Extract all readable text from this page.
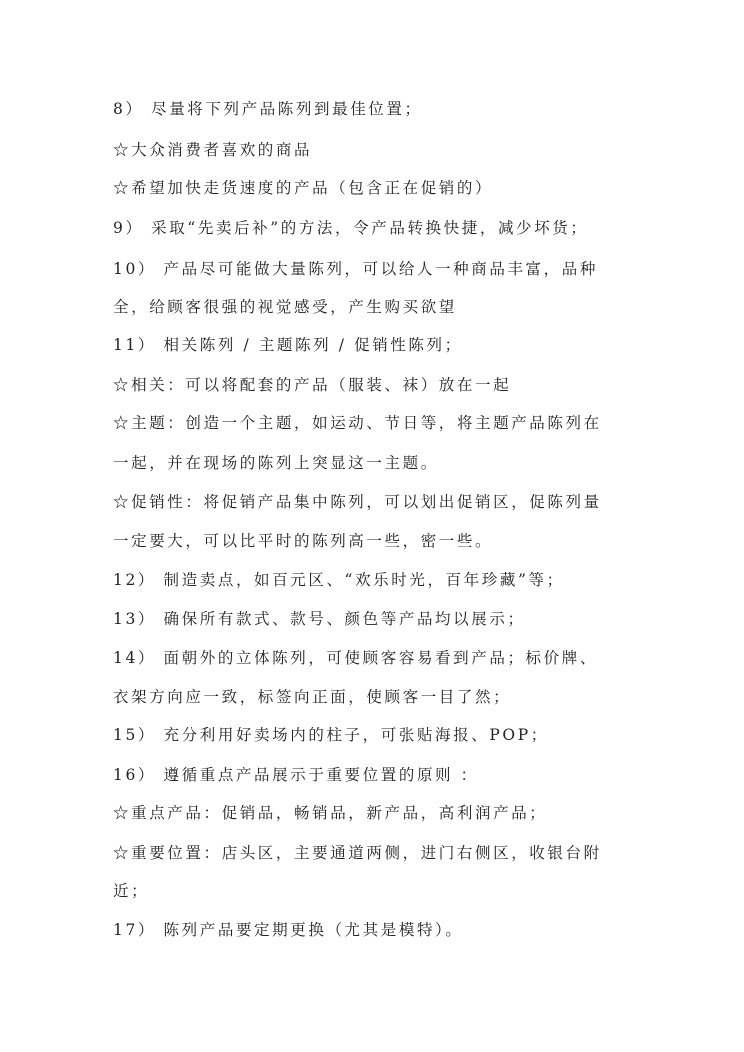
8） 尽量将下列产品陈列到最佳位置；
☆大众消费者喜欢的商品
☆希望加快走货速度的产品（包含正在促销的）
9） 采取“先卖后补”的方法，令产品转换快捷，减少坏货；
10） 产品尽可能做大量陈列，可以给人一种商品丰富，品种
全，给顾客很强的视觉感受，产生购买欲望
11） 相关陈列 / 主题陈列 / 促销性陈列；
☆相关：可以将配套的产品（服装、袜）放在一起
☆主题：创造一个主题，如运动、节日等，将主题产品陈列在
一起，并在现场的陈列上突显这一主题。
☆促销性：将促销产品集中陈列，可以划出促销区，促陈列量
一定要大，可以比平时的陈列高一些，密一些。
12） 制造卖点，如百元区、“欢乐时光，百年珍藏”等；
13） 确保所有款式、款号、颜色等产品均以展示；
14） 面朝外的立体陈列，可使顾客容易看到产品；标价牌、
衣架方向应一致，标签向正面，使顾客一目了然；
15） 充分利用好卖场内的柱子，可张贴海报、POP；
16） 遵循重点产品展示于重要位置的原则 ：
☆重点产品：促销品，畅销品，新产品，高利润产品；
☆重要位置：店头区，主要通道两侧，进门右侧区，收银台附
近；
17） 陈列产品要定期更换（尤其是模特）。
